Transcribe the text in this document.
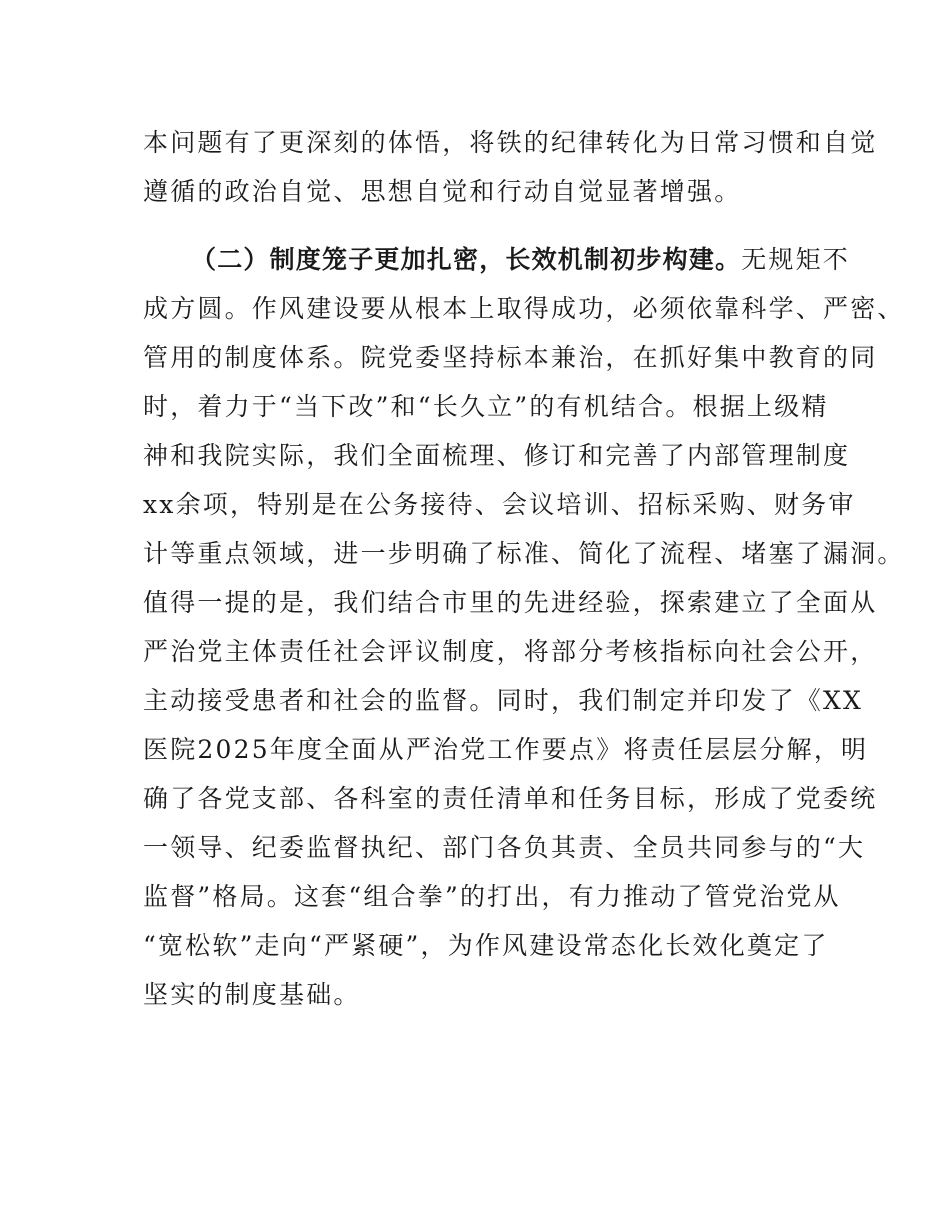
本问题有了更深刻的体悟，将铁的纪律转化为日常习惯和自觉
遵循的政治自觉、思想自觉和行动自觉显著增强。
（二）制度笼子更加扎密，长效机制初步构建。无规矩不
成方圆。作风建设要从根本上取得成功，必须依靠科学、严密、
管用的制度体系。院党委坚持标本兼治，在抓好集中教育的同
时，着力于“当下改”和“长久立”的有机结合。根据上级精
神和我院实际，我们全面梳理、修订和完善了内部管理制度
xx余项，特别是在公务接待、会议培训、招标采购、财务审
计等重点领域，进一步明确了标准、简化了流程、堵塞了漏洞。
值得一提的是，我们结合市里的先进经验，探索建立了全面从
严治党主体责任社会评议制度，将部分考核指标向社会公开，
主动接受患者和社会的监督。同时，我们制定并印发了《XX
医院2025年度全面从严治党工作要点》将责任层层分解，明
确了各党支部、各科室的责任清单和任务目标，形成了党委统
一领导、纪委监督执纪、部门各负其责、全员共同参与的“大
监督”格局。这套“组合拳”的打出，有力推动了管党治党从
“宽松软”走向“严紧硬”，为作风建设常态化长效化奠定了
坚实的制度基础。
